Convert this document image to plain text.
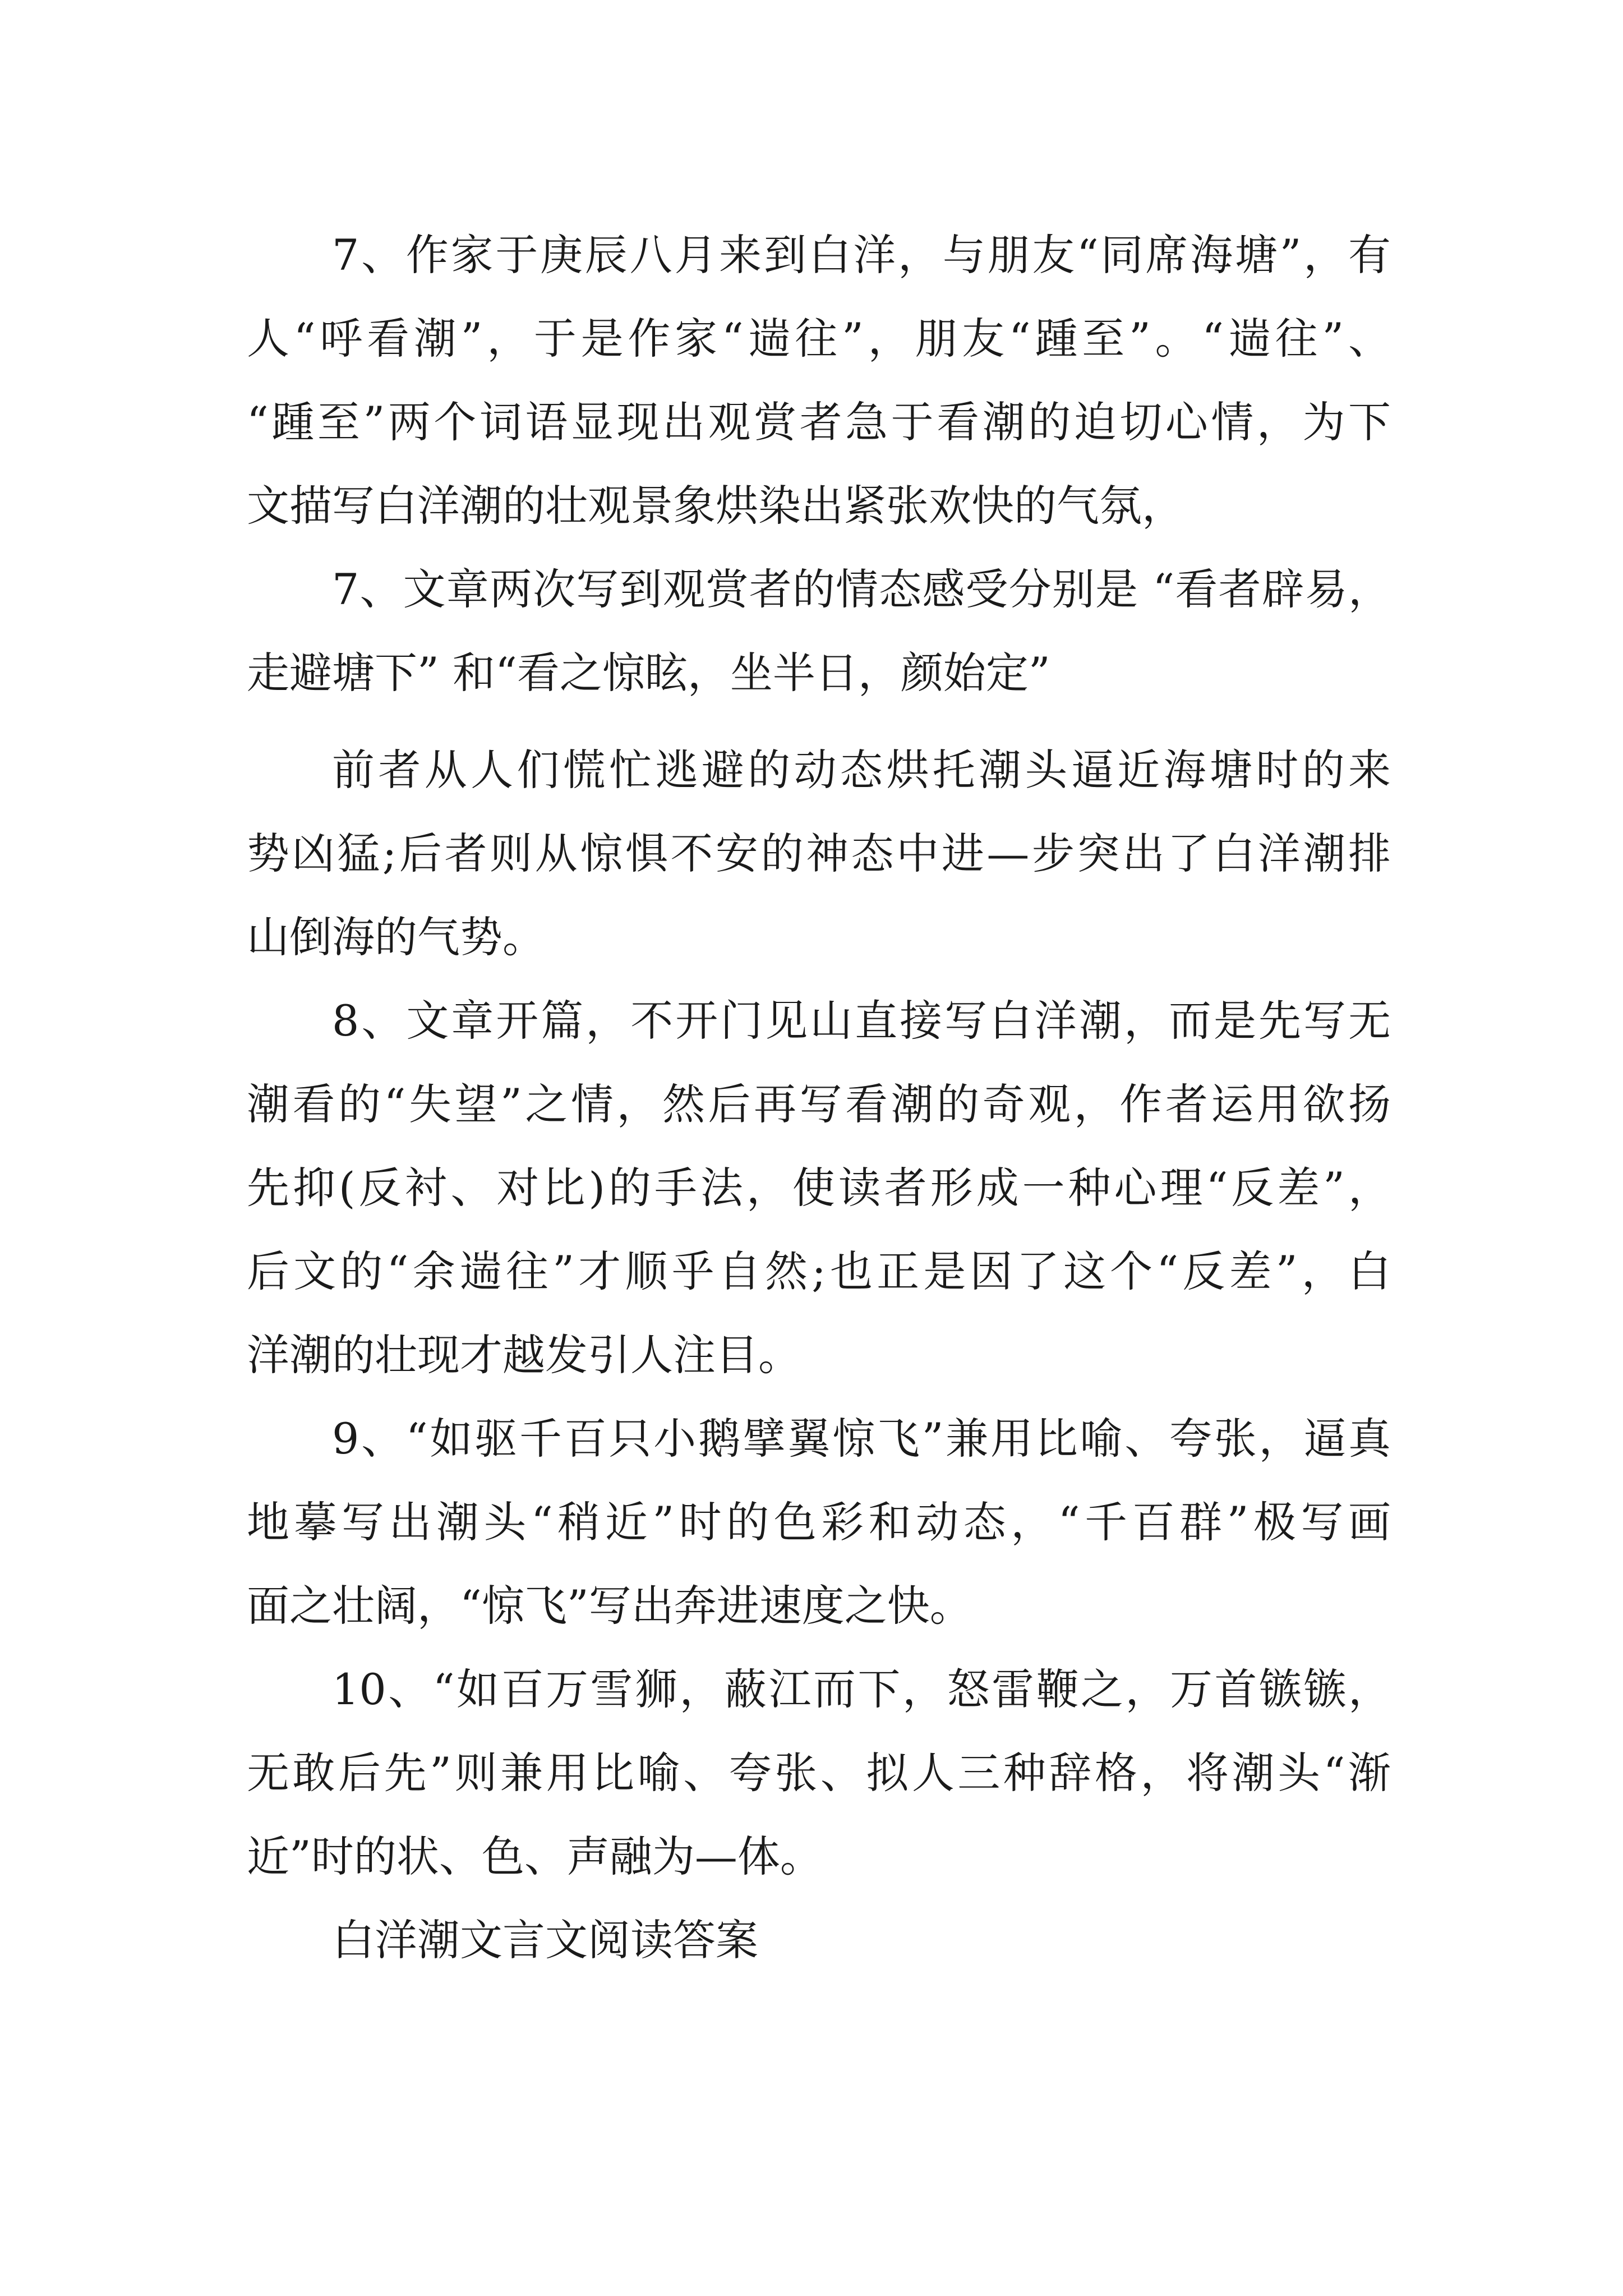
7、作家于庚辰八月来到白洋，与朋友“同席海塘”，有
人“呼看潮”，于是作家“遄往”，朋友“踵至”。“遄往”、
“踵至”两个词语显现出观赏者急于看潮的迫切心情，为下
文描写白洋潮的壮观景象烘染出紧张欢快的气氛，
7、文章两次写到观赏者的情态感受分别是 “看者辟易，
走避塘下” 和“看之惊眩，坐半日，颜始定”
前者从人们慌忙逃避的动态烘托潮头逼近海塘时的来
势凶猛;后者则从惊惧不安的神态中进—步突出了白洋潮排
山倒海的气势。
8、文章开篇，不开门见山直接写白洋潮，而是先写无
潮看的“失望”之情，然后再写看潮的奇观，作者运用欲扬
先抑(反衬、对比)的手法，使读者形成一种心理“反差”，
后文的“余遄往”才顺乎自然;也正是因了这个“反差”，白
洋潮的壮现才越发引人注目。
9、“如驱千百只小鹅擘翼惊飞”兼用比喻、夸张，逼真
地摹写出潮头“稍近”时的色彩和动态，“千百群”极写画
面之壮阔，“惊飞”写出奔进速度之快。
10、“如百万雪狮，蔽江而下，怒雷鞭之，万首镞镞，
无敢后先”则兼用比喻、夸张、拟人三种辞格，将潮头“渐
近”时的状、色、声融为—体。
白洋潮文言文阅读答案
